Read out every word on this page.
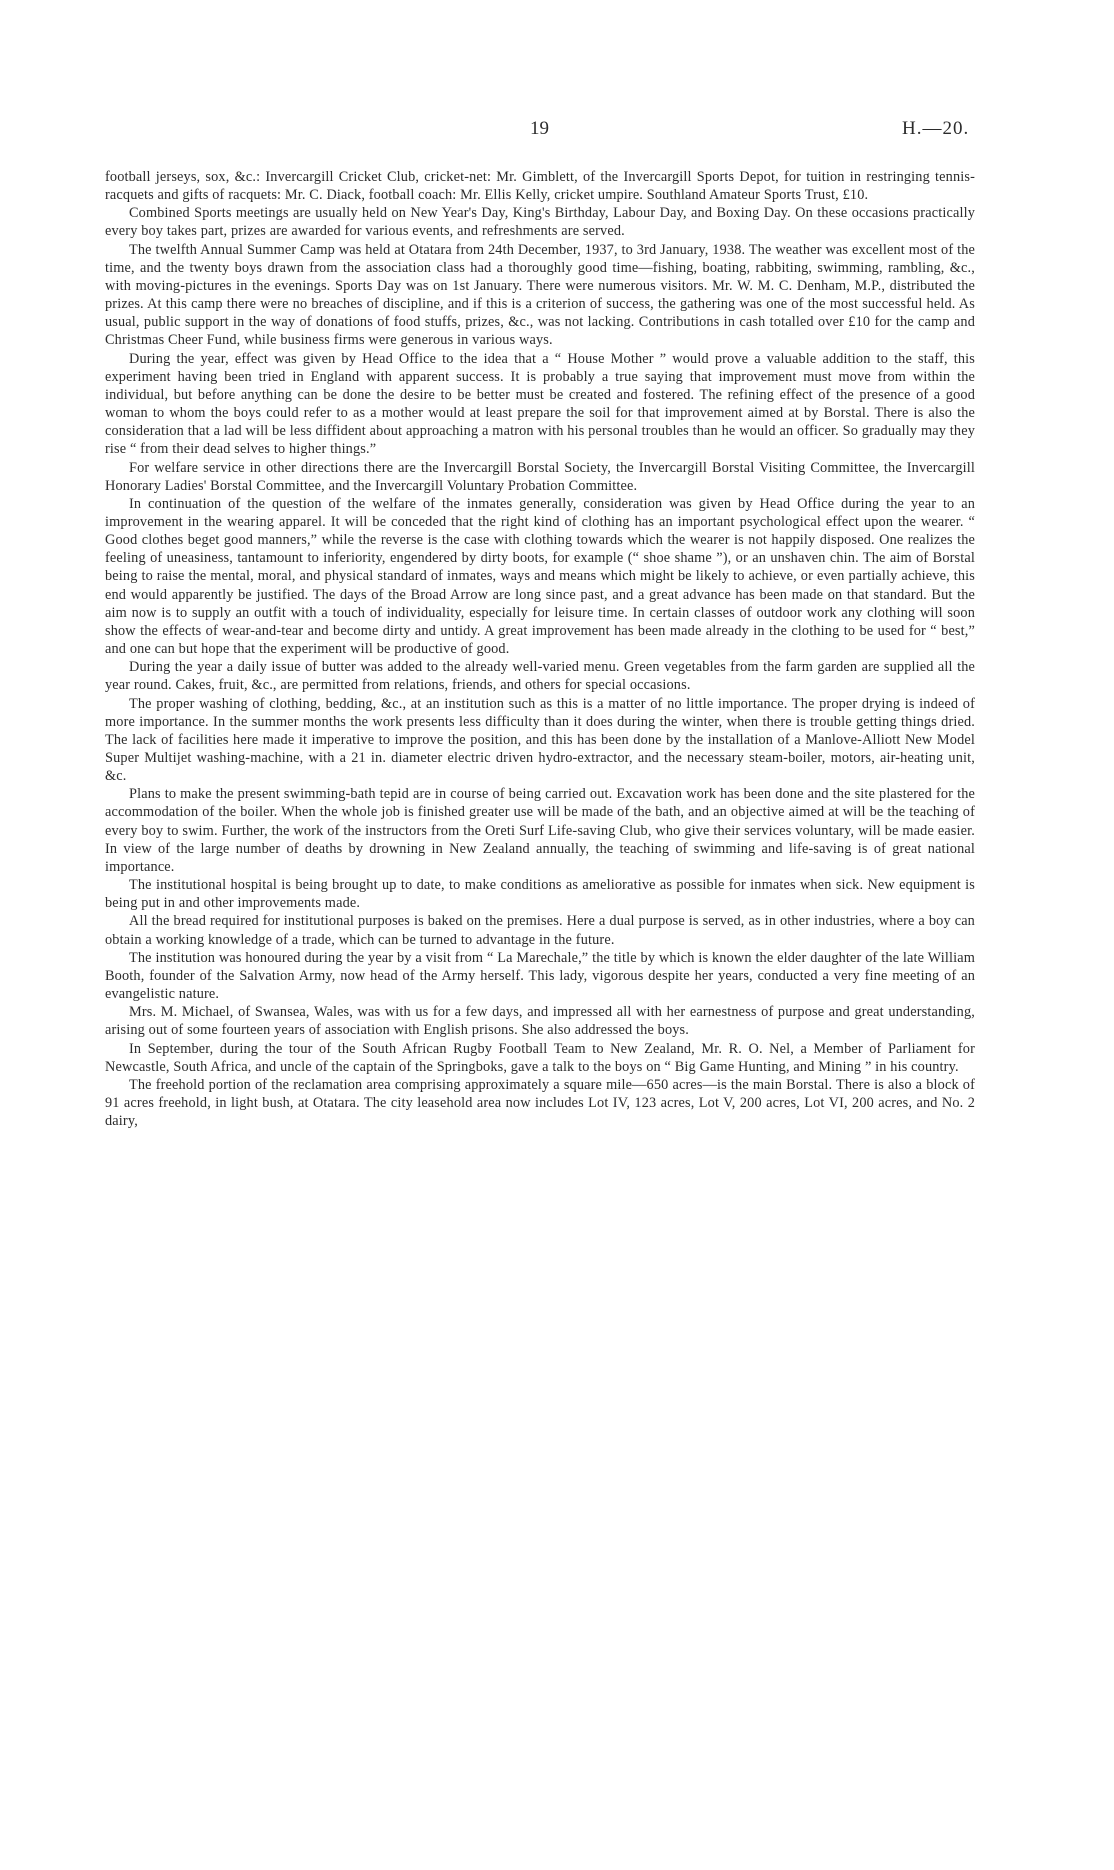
19	H.—20.

football jerseys, sox, &c.: Invercargill Cricket Club, cricket-net: Mr. Gimblett, of the Invercargill Sports Depot, for tuition in restringing tennis-racquets and gifts of racquets: Mr. C. Diack, football coach: Mr. Ellis Kelly, cricket umpire. Southland Amateur Sports Trust, £10.

Combined Sports meetings are usually held on New Year's Day, King's Birthday, Labour Day, and Boxing Day. On these occasions practically every boy takes part, prizes are awarded for various events, and refreshments are served.

The twelfth Annual Summer Camp was held at Otatara from 24th December, 1937, to 3rd January, 1938. The weather was excellent most of the time, and the twenty boys drawn from the association class had a thoroughly good time—fishing, boating, rabbiting, swimming, rambling, &c., with moving-pictures in the evenings. Sports Day was on 1st January. There were numerous visitors. Mr. W. M. C. Denham, M.P., distributed the prizes. At this camp there were no breaches of discipline, and if this is a criterion of success, the gathering was one of the most successful held. As usual, public support in the way of donations of food stuffs, prizes, &c., was not lacking. Contributions in cash totalled over £10 for the camp and Christmas Cheer Fund, while business firms were generous in various ways.

During the year, effect was given by Head Office to the idea that a “ House Mother ” would prove a valuable addition to the staff, this experiment having been tried in England with apparent success. It is probably a true saying that improvement must move from within the individual, but before anything can be done the desire to be better must be created and fostered. The refining effect of the presence of a good woman to whom the boys could refer to as a mother would at least prepare the soil for that improvement aimed at by Borstal. There is also the consideration that a lad will be less diffident about approaching a matron with his personal troubles than he would an officer. So gradually may they rise “ from their dead selves to higher things.”

For welfare service in other directions there are the Invercargill Borstal Society, the Invercargill Borstal Visiting Committee, the Invercargill Honorary Ladies' Borstal Committee, and the Invercargill Voluntary Probation Committee.

In continuation of the question of the welfare of the inmates generally, consideration was given by Head Office during the year to an improvement in the wearing apparel. It will be conceded that the right kind of clothing has an important psychological effect upon the wearer. “ Good clothes beget good manners,” while the reverse is the case with clothing towards which the wearer is not happily disposed. One realizes the feeling of uneasiness, tantamount to inferiority, engendered by dirty boots, for example (“ shoe shame ”), or an unshaven chin. The aim of Borstal being to raise the mental, moral, and physical standard of inmates, ways and means which might be likely to achieve, or even partially achieve, this end would apparently be justified. The days of the Broad Arrow are long since past, and a great advance has been made on that standard. But the aim now is to supply an outfit with a touch of individuality, especially for leisure time. In certain classes of outdoor work any clothing will soon show the effects of wear-and-tear and become dirty and untidy. A great improvement has been made already in the clothing to be used for “ best,” and one can but hope that the experiment will be productive of good.

During the year a daily issue of butter was added to the already well-varied menu. Green vegetables from the farm garden are supplied all the year round. Cakes, fruit, &c., are permitted from relations, friends, and others for special occasions.

The proper washing of clothing, bedding, &c., at an institution such as this is a matter of no little importance. The proper drying is indeed of more importance. In the summer months the work presents less difficulty than it does during the winter, when there is trouble getting things dried. The lack of facilities here made it imperative to improve the position, and this has been done by the installation of a Manlove-Alliott New Model Super Multijet washing-machine, with a 21 in. diameter electric driven hydro-extractor, and the necessary steam-boiler, motors, air-heating unit, &c.

Plans to make the present swimming-bath tepid are in course of being carried out. Excavation work has been done and the site plastered for the accommodation of the boiler. When the whole job is finished greater use will be made of the bath, and an objective aimed at will be the teaching of every boy to swim. Further, the work of the instructors from the Oreti Surf Life-saving Club, who give their services voluntary, will be made easier. In view of the large number of deaths by drowning in New Zealand annually, the teaching of swimming and life-saving is of great national importance.

The institutional hospital is being brought up to date, to make conditions as ameliorative as possible for inmates when sick. New equipment is being put in and other improvements made.

All the bread required for institutional purposes is baked on the premises. Here a dual purpose is served, as in other industries, where a boy can obtain a working knowledge of a trade, which can be turned to advantage in the future.

The institution was honoured during the year by a visit from “ La Marechale,” the title by which is known the elder daughter of the late William Booth, founder of the Salvation Army, now head of the Army herself. This lady, vigorous despite her years, conducted a very fine meeting of an evangelistic nature.

Mrs. M. Michael, of Swansea, Wales, was with us for a few days, and impressed all with her earnestness of purpose and great understanding, arising out of some fourteen years of association with English prisons. She also addressed the boys.

In September, during the tour of the South African Rugby Football Team to New Zealand, Mr. R. O. Nel, a Member of Parliament for Newcastle, South Africa, and uncle of the captain of the Springboks, gave a talk to the boys on “ Big Game Hunting, and Mining ” in his country.

The freehold portion of the reclamation area comprising approximately a square mile—650 acres—is the main Borstal. There is also a block of 91 acres freehold, in light bush, at Otatara. The city leasehold area now includes Lot IV, 123 acres, Lot V, 200 acres, Lot VI, 200 acres, and No. 2 dairy,
